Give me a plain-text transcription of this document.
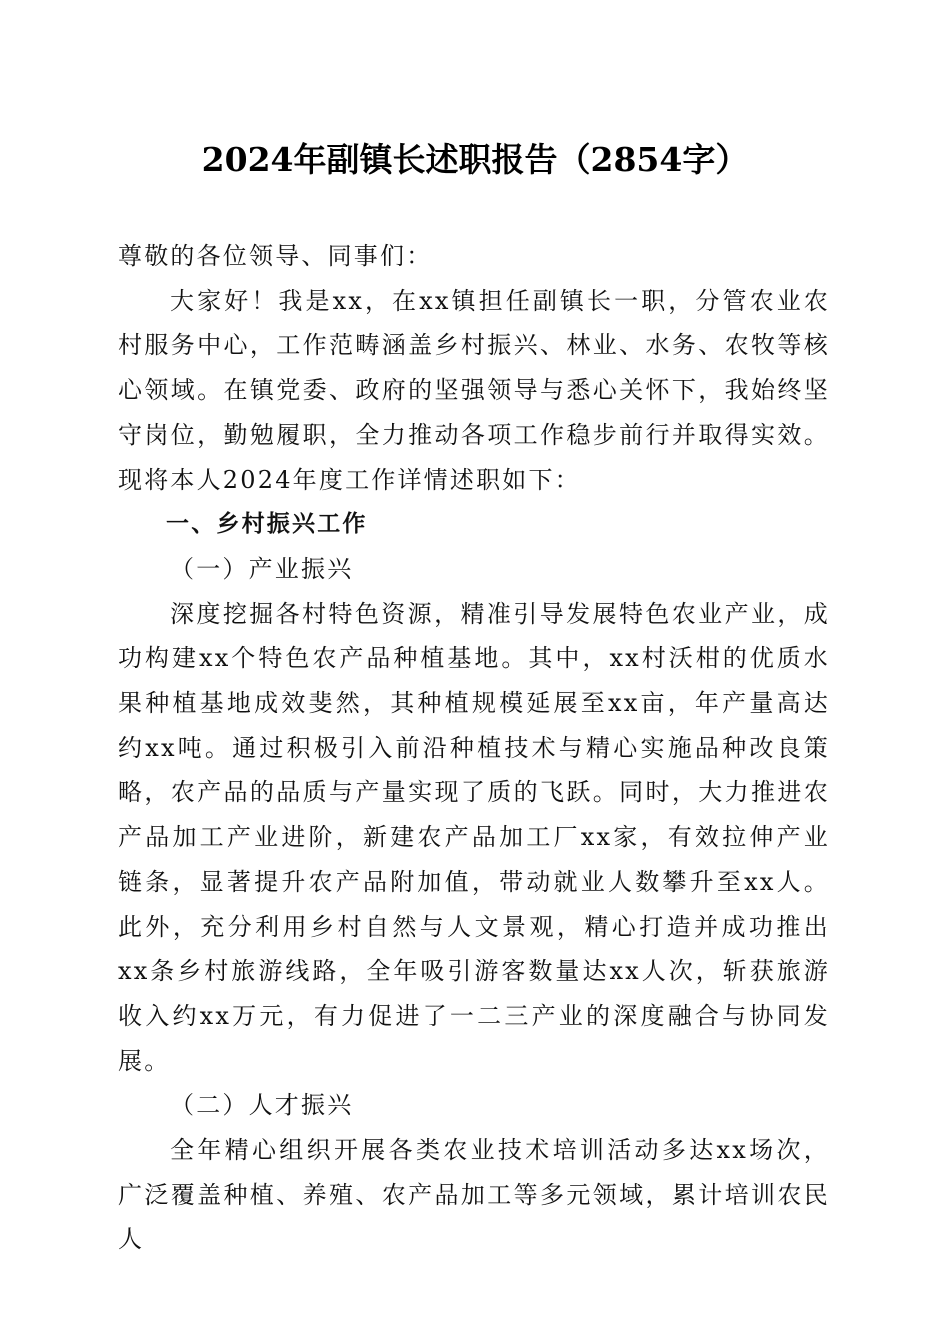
2024年副镇长述职报告（2854字）

尊敬的各位领导、同事们：

大家好！我是xx，在xx镇担任副镇长一职，分管农业农村服务中心，工作范畴涵盖乡村振兴、林业、水务、农牧等核心领域。在镇党委、政府的坚强领导与悉心关怀下，我始终坚守岗位，勤勉履职，全力推动各项工作稳步前行并取得实效。现将本人2024年度工作详情述职如下：

一、乡村振兴工作

（一）产业振兴

深度挖掘各村特色资源，精准引导发展特色农业产业，成功构建xx个特色农产品种植基地。其中，xx村沃柑的优质水果种植基地成效斐然，其种植规模延展至xx亩，年产量高达约xx吨。通过积极引入前沿种植技术与精心实施品种改良策略，农产品的品质与产量实现了质的飞跃。同时，大力推进农产品加工产业进阶，新建农产品加工厂xx家，有效拉伸产业链条，显著提升农产品附加值，带动就业人数攀升至xx人。此外，充分利用乡村自然与人文景观，精心打造并成功推出xx条乡村旅游线路，全年吸引游客数量达xx人次，斩获旅游收入约xx万元，有力促进了一二三产业的深度融合与协同发展。

（二）人才振兴

全年精心组织开展各类农业技术培训活动多达xx场次，广泛覆盖种植、养殖、农产品加工等多元领域，累计培训农民人
